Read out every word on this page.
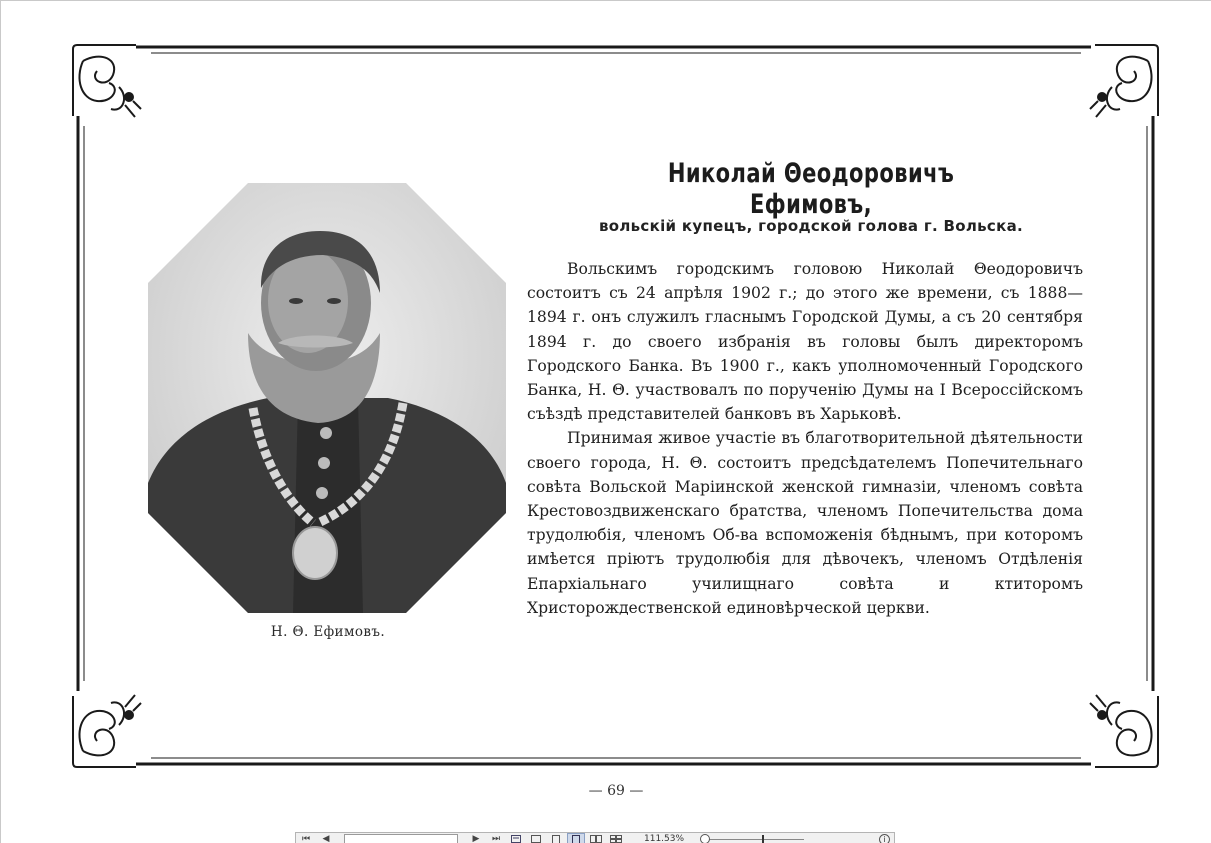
Н. Θ. Ефимовъ.
Николай Θеодоровичъ Ефимовъ,
вольскій купецъ, городской голова г. Вольска.

Вольскимъ городскимъ головою Николай Θеодоровичъ состоитъ съ 24 апрѣля 1902 г.; до этого же времени, съ 1888—1894 г. онъ служилъ гласнымъ Городской Думы, а съ 20 сентября 1894 г. до своего избранія въ головы былъ директоромъ Городского Банка. Въ 1900 г., какъ уполномоченный Городского Банка, Н. Θ. участвовалъ по порученію Думы на I Всероссійскомъ съѣздѣ представителей банковъ въ Харьковѣ.

Принимая живое участіе въ благотворительной дѣятельности своего города, Н. Θ. состоитъ предсѣдателемъ Попечительнаго совѣта Вольской Маріинской женской гимназіи, членомъ совѣта Крестовоздвиженскаго братства, членомъ Попечительства дома трудолюбія, членомъ Об-ва вспоможенія бѣднымъ, при которомъ имѣется пріютъ трудолюбія для дѣвочекъ, членомъ Отдѣленія Епархіальнаго училищнаго совѣта и ктиторомъ Христорождественской единовѣрческой церкви.

— 69 —
⏮	◀	▶	⏭	111.53%	i
